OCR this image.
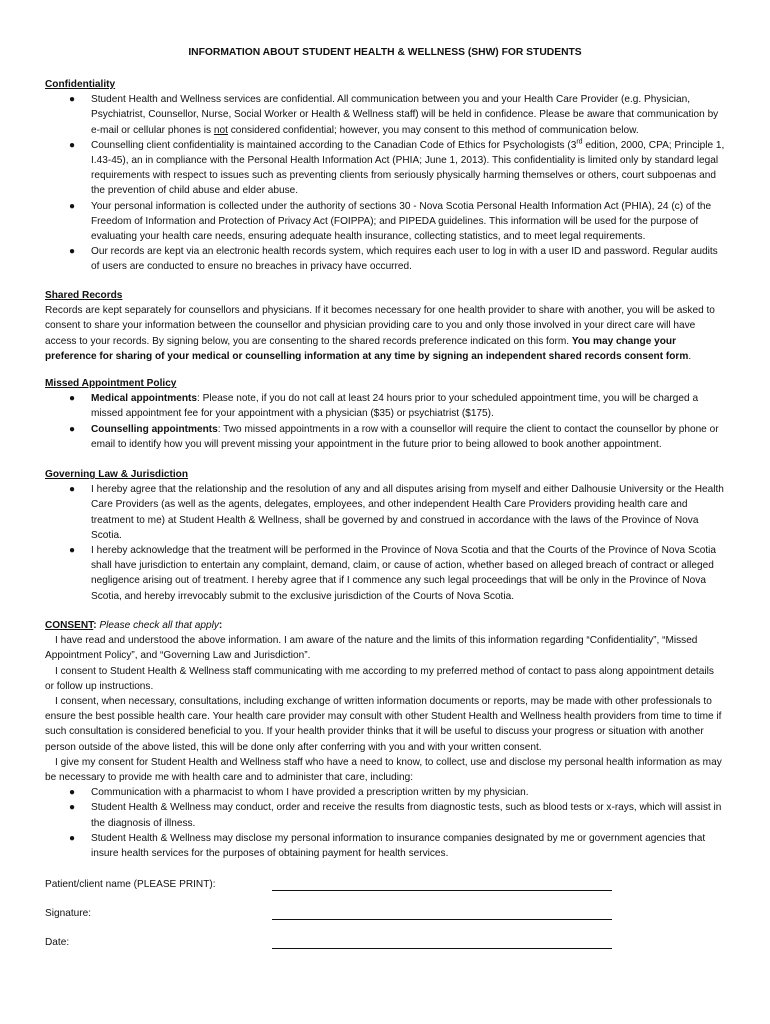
INFORMATION ABOUT STUDENT HEALTH & WELLNESS (SHW) FOR STUDENTS
Confidentiality
● Student Health and Wellness services are confidential. All communication between you and your Health Care Provider (e.g. Physician, Psychiatrist, Counsellor, Nurse, Social Worker or Health & Wellness staff) will be held in confidence. Please be aware that communication by e-mail or cellular phones is not considered confidential; however, you may consent to this method of communication below.
● Counselling client confidentiality is maintained according to the Canadian Code of Ethics for Psychologists (3rd edition, 2000, CPA; Principle 1, I.43-45), an in compliance with the Personal Health Information Act (PHIA; June 1, 2013). This confidentiality is limited only by standard legal requirements with respect to issues such as preventing clients from seriously physically harming themselves or others, court subpoenas and the prevention of child abuse and elder abuse.
● Your personal information is collected under the authority of sections 30 - Nova Scotia Personal Health Information Act (PHIA), 24 (c) of the Freedom of Information and Protection of Privacy Act (FOIPPA); and PIPEDA guidelines. This information will be used for the purpose of evaluating your health care needs, ensuring adequate health insurance, collecting statistics, and to meet legal requirements.
● Our records are kept via an electronic health records system, which requires each user to log in with a user ID and password. Regular audits of users are conducted to ensure no breaches in privacy have occurred.
Shared Records

Records are kept separately for counsellors and physicians. If it becomes necessary for one health provider to share with another, you will be asked to consent to share your information between the counsellor and physician providing care to you and only those involved in your direct care will have access to your records. By signing below, you are consenting to the shared records preference indicated on this form. You may change your preference for sharing of your medical or counselling information at any time by signing an independent shared records consent form.

Missed Appointment Policy
● Medical appointments: Please note, if you do not call at least 24 hours prior to your scheduled appointment time, you will be charged a missed appointment fee for your appointment with a physician ($35) or psychiatrist ($175).
● Counselling appointments: Two missed appointments in a row with a counsellor will require the client to contact the counsellor by phone or email to identify how you will prevent missing your appointment in the future prior to being allowed to book another appointment.
Governing Law & Jurisdiction
● I hereby agree that the relationship and the resolution of any and all disputes arising from myself and either Dalhousie University or the Health Care Providers (as well as the agents, delegates, employees, and other independent Health Care Providers providing health care and treatment to me) at Student Health & Wellness, shall be governed by and construed in accordance with the laws of the Province of Nova Scotia.
● I hereby acknowledge that the treatment will be performed in the Province of Nova Scotia and that the Courts of the Province of Nova Scotia shall have jurisdiction to entertain any complaint, demand, claim, or cause of action, whether based on alleged breach of contract or alleged negligence arising out of treatment. I hereby agree that if I commence any such legal proceedings that will be only in the Province of Nova Scotia, and hereby irrevocably submit to the exclusive jurisdiction of the Courts of Nova Scotia.
CONSENT: Please check all that apply:

I have read and understood the above information. I am aware of the nature and the limits of this information regarding “Confidentiality”, “Missed Appointment Policy”, and “Governing Law and Jurisdiction”.

I consent to Student Health & Wellness staff communicating with me according to my preferred method of contact to pass along appointment details or follow up instructions.

I consent, when necessary, consultations, including exchange of written information documents or reports, may be made with other professionals to ensure the best possible health care. Your health care provider may consult with other Student Health and Wellness health providers from time to time if such consultation is considered beneficial to you. If your health provider thinks that it will be useful to discuss your progress or situation with another person outside of the above listed, this will be done only after conferring with you and with your written consent.

I give my consent for Student Health and Wellness staff who have a need to know, to collect, use and disclose my personal health information as may be necessary to provide me with health care and to administer that care, including:

● Communication with a pharmacist to whom I have provided a prescription written by my physician.
● Student Health & Wellness may conduct, order and receive the results from diagnostic tests, such as blood tests or x-rays, which will assist in the diagnosis of illness.
● Student Health & Wellness may disclose my personal information to insurance companies designated by me or government agencies that insure health services for the purposes of obtaining payment for health services.
Patient/client name (PLEASE PRINT):
Signature:
Date:
